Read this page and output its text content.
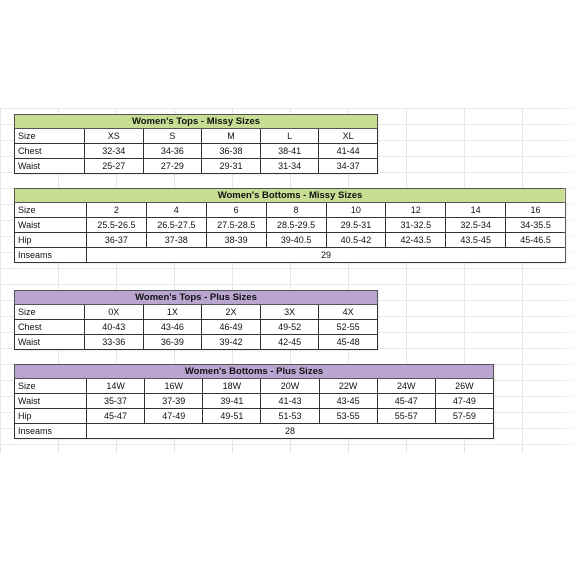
Women's Tops - Missy Sizes					
Size	XS	S	M	L	XL
Chest	32-34	34-36	36-38	38-41	41-44
Waist	25-27	27-29	29-31	31-34	34-37
Women's Bottoms - Missy Sizes								
Size	2	4	6	8	10	12	14	16
Waist	25.5-26.5	26.5-27.5	27.5-28.5	28.5-29.5	29.5-31	31-32.5	32.5-34	34-35.5
Hip	36-37	37-38	38-39	39-40.5	40.5-42	42-43.5	43.5-45	45-46.5
Inseams	29							
Women's Tops - Plus Sizes					
Size	0X	1X	2X	3X	4X
Chest	40-43	43-46	46-49	49-52	52-55
Waist	33-36	36-39	39-42	42-45	45-48
Women's Bottoms - Plus Sizes							
Size	14W	16W	18W	20W	22W	24W	26W
Waist	35-37	37-39	39-41	41-43	43-45	45-47	47-49
Hip	45-47	47-49	49-51	51-53	53-55	55-57	57-59
Inseams	28						
